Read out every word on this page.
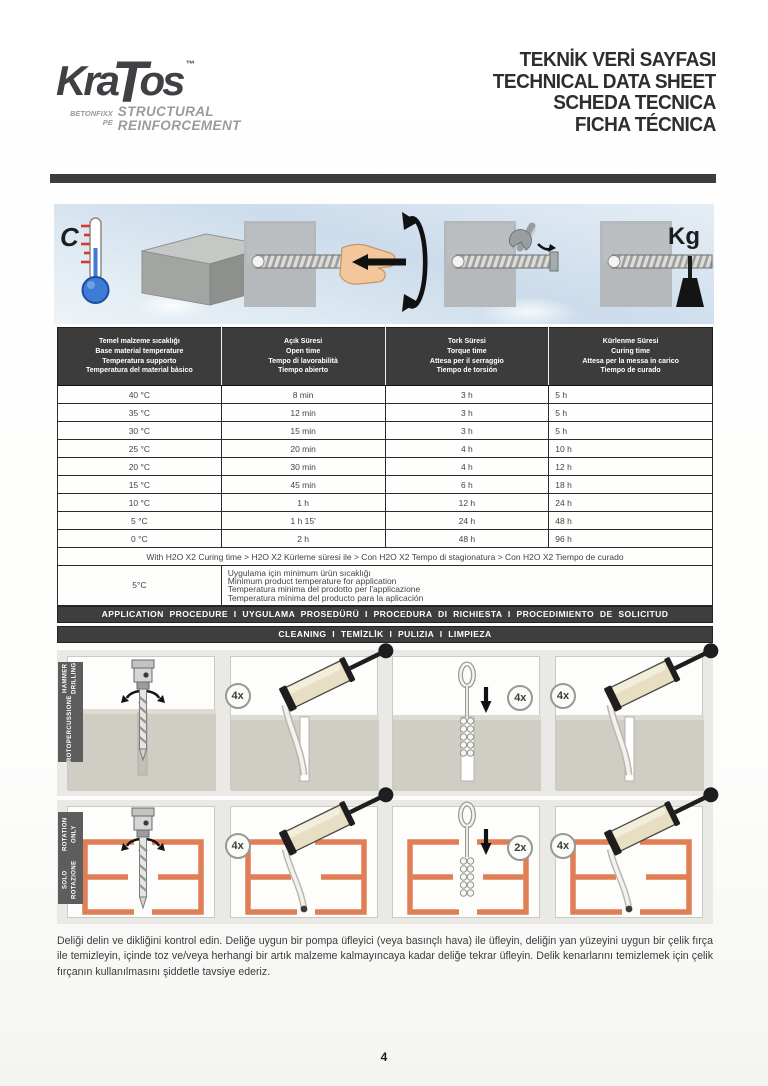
KraTos ™
BETONFIXX
PE
STRUCTURAL
REINFORCEMENT
TEKNİK VERİ SAYFASI
TECHNICAL DATA SHEET
SCHEDA TECNICA
FICHA TÉCNICA
C	Kg
Temel malzeme sıcaklığı
Base material temperature
Temperatura supporto
Temperatura del material bàsico

Açık Süresi
Open time
Tempo di lavorabilità
Tiempo abierto

Tork Süresi
Torque time
Attesa per il serraggio
Tiempo de torsión

Kürlenme Süresi
Curing time
Attesa per la messa in carico
Tiempo de curado

40 °C	8 min	3 h	5 h
35 °C	12 min	3 h	5 h
30 °C	15 min	3 h	5 h
25 °C	20 min	4 h	10 h
20 °C	30 min	4 h	12 h
15 °C	45 min	6 h	18 h
10 °C	1 h	12 h	24 h
5 °C	1 h 15'	24 h	48 h
0 °C	2 h	48 h	96 h
With H2O X2 Curing time > H2O X2 Kürleme süresi ile > Con H2O X2 Tempo di stagionatura > Con H2O X2 Tiempo de curado			
5°C	Uygulama için minimum ürün sıcaklığı
Minimum product temperature for application
Temperatura minima del prodotto per l'applicazione
Temperatura mínima del producto para la aplicación		
APPLICATION PROCEDURE I UYGULAMA PROSEDÜRÜ I PROCEDURA DI RICHIESTA I PROCEDIMIENTO DE SOLICITUD
CLEANING I TEMİZLİK I PULIZIA I LIMPIEZA
ROTOPERCUSSIONE
HAMMER DRILLING
4x	4x	4x
SOLO ROTAZIONE
ROTATION ONLY
4x	2x	4x

Deliği delin ve dikliğini kontrol edin. Deliğe uygun bir pompa üfleyici (veya basınçlı hava) ile üfleyin, deliğin yan yüzeyini uygun bir çelik fırça ile temizleyin, içinde toz ve/veya herhangi bir artık malzeme kalmayıncaya kadar deliğe tekrar üfleyin. Delik kenarlarını temizlemek için çelik fırçanın kullanılmasını şiddetle tavsiye ederiz.

4
